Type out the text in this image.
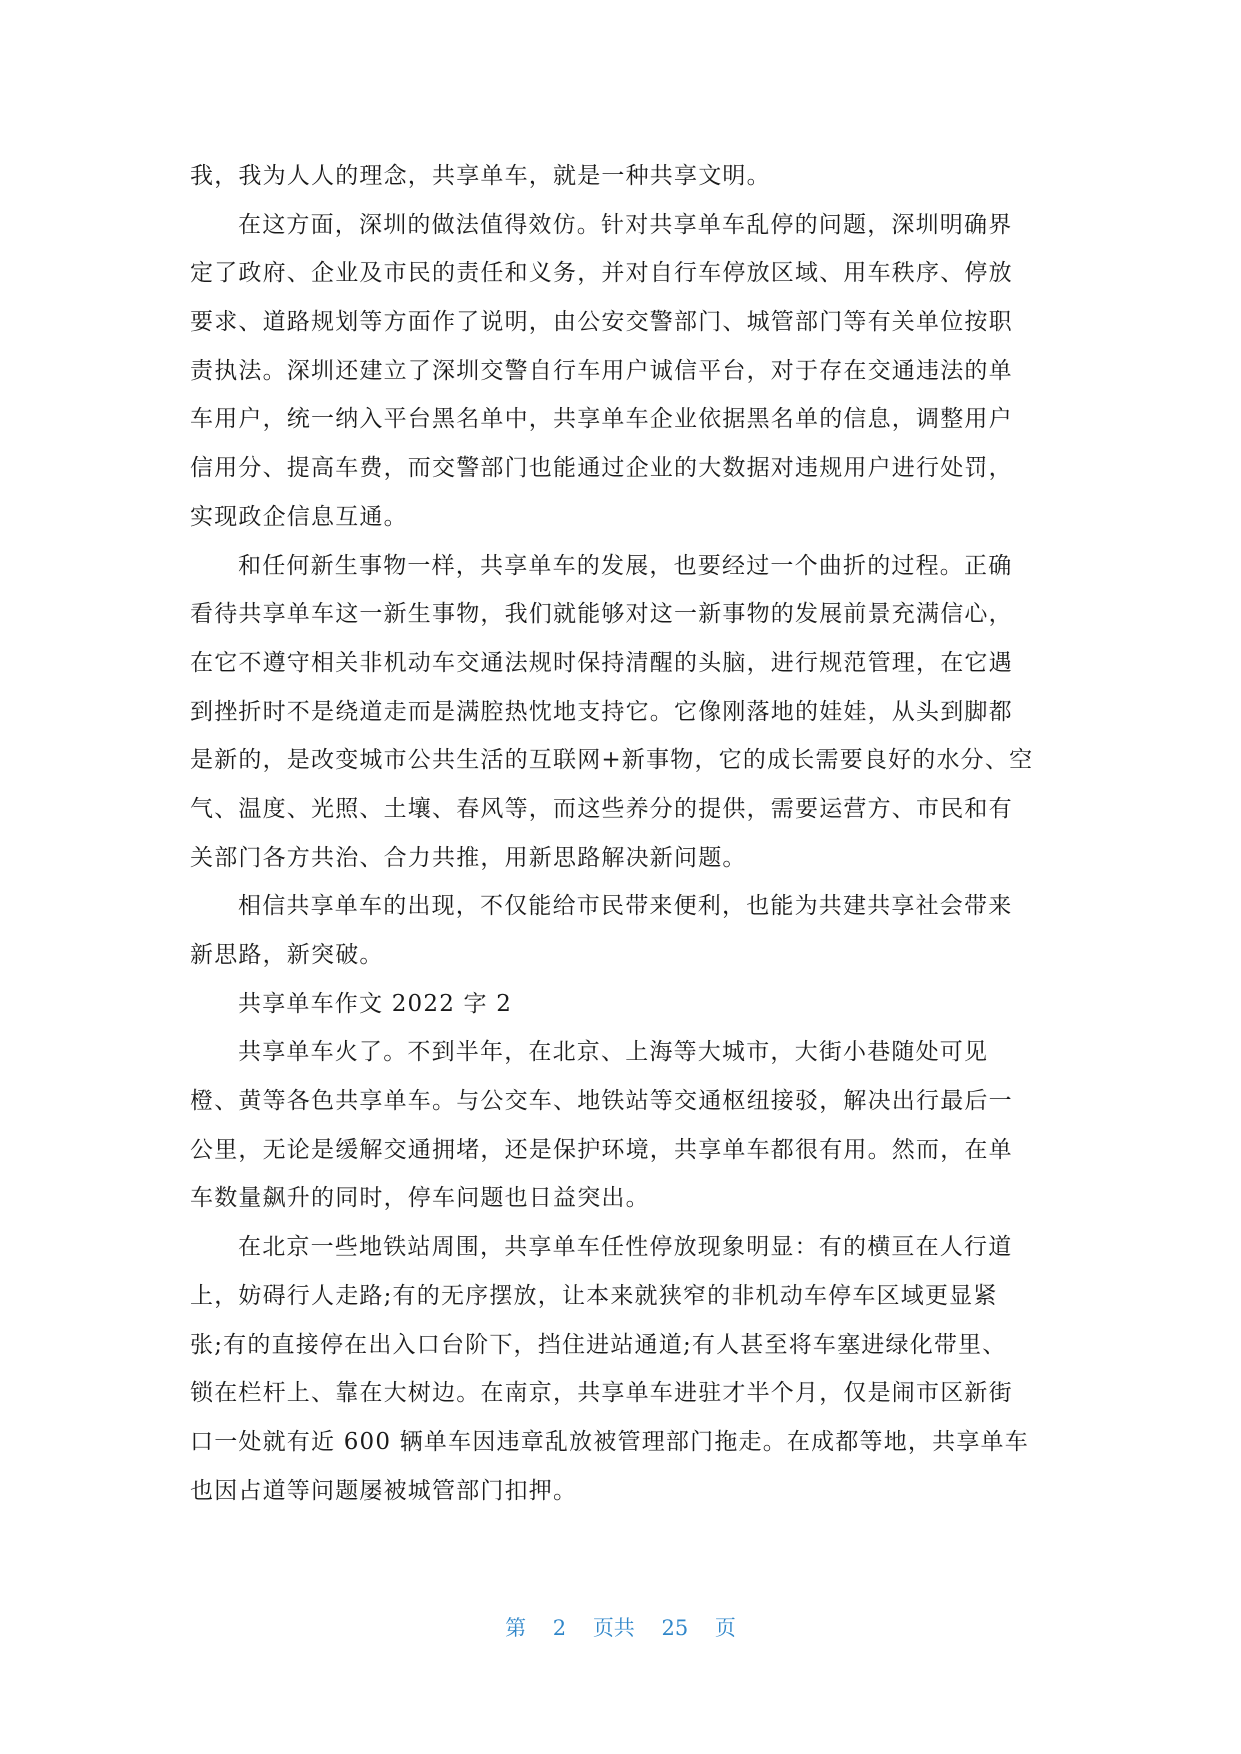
我，我为人人的理念，共享单车，就是一种共享文明。
在这方面，深圳的做法值得效仿。针对共享单车乱停的问题，深圳明确界
定了政府、企业及市民的责任和义务，并对自行车停放区域、用车秩序、停放
要求、道路规划等方面作了说明，由公安交警部门、城管部门等有关单位按职
责执法。深圳还建立了深圳交警自行车用户诚信平台，对于存在交通违法的单
车用户，统一纳入平台黑名单中，共享单车企业依据黑名单的信息，调整用户
信用分、提高车费，而交警部门也能通过企业的大数据对违规用户进行处罚，
实现政企信息互通。
和任何新生事物一样，共享单车的发展，也要经过一个曲折的过程。正确
看待共享单车这一新生事物，我们就能够对这一新事物的发展前景充满信心，
在它不遵守相关非机动车交通法规时保持清醒的头脑，进行规范管理，在它遇
到挫折时不是绕道走而是满腔热忱地支持它。它像刚落地的娃娃，从头到脚都
是新的，是改变城市公共生活的互联网+新事物，它的成长需要良好的水分、空
气、温度、光照、土壤、春风等，而这些养分的提供，需要运营方、市民和有
关部门各方共治、合力共推，用新思路解决新问题。
相信共享单车的出现，不仅能给市民带来便利，也能为共建共享社会带来
新思路，新突破。
共享单车作文 2022 字 2
共享单车火了。不到半年，在北京、上海等大城市，大街小巷随处可见
橙、黄等各色共享单车。与公交车、地铁站等交通枢纽接驳，解决出行最后一
公里，无论是缓解交通拥堵，还是保护环境，共享单车都很有用。然而，在单
车数量飙升的同时，停车问题也日益突出。
在北京一些地铁站周围，共享单车任性停放现象明显：有的横亘在人行道
上，妨碍行人走路;有的无序摆放，让本来就狭窄的非机动车停车区域更显紧
张;有的直接停在出入口台阶下，挡住进站通道;有人甚至将车塞进绿化带里、
锁在栏杆上、靠在大树边。在南京，共享单车进驻才半个月，仅是闹市区新街
口一处就有近 600 辆单车因违章乱放被管理部门拖走。在成都等地，共享单车
也因占道等问题屡被城管部门扣押。
第 2 页共 25 页
